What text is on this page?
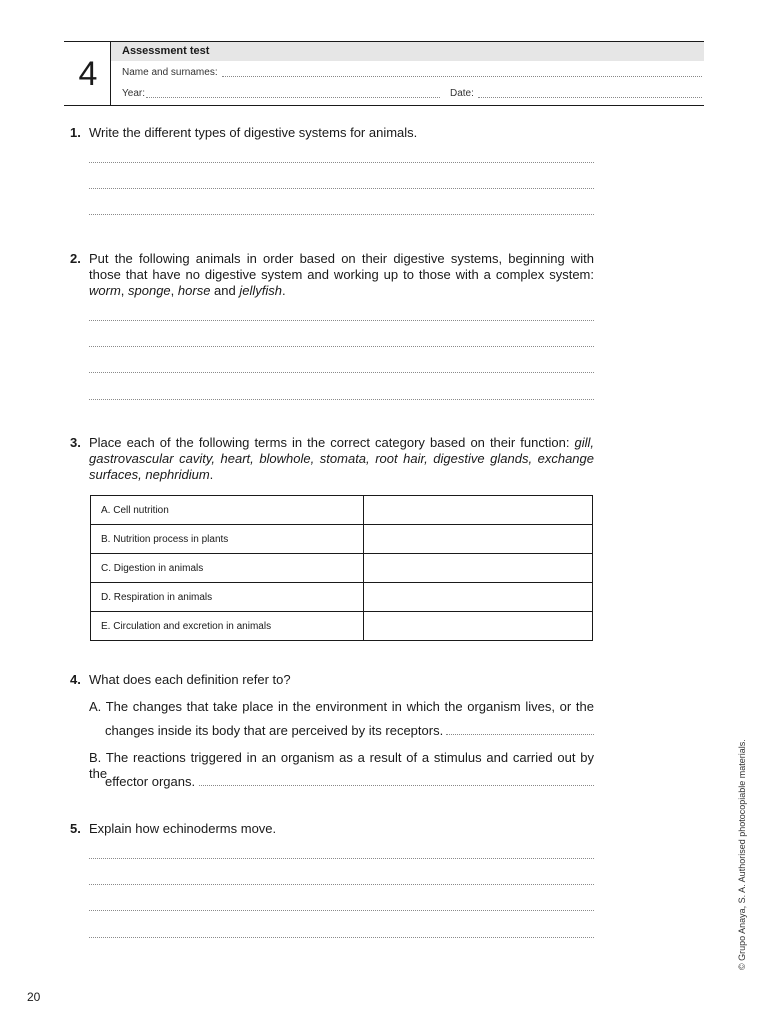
4
Assessment test
Name and surnames:
Year:	Date:
1. Write the different types of digestive systems for animals.
2. Put the following animals in order based on their digestive systems, beginning with those that have no digestive system and working up to those with a complex system: worm, sponge, horse and jellyfish.
3. Place each of the following terms in the correct category based on their function: gill, gastrovascular cavity, heart, blowhole, stomata, root hair, digestive glands, exchange surfaces, nephridium.
A. Cell nutrition	
B. Nutrition process in plants	
C. Digestion in animals	
D. Respiration in animals	
E. Circulation and excretion in animals	
4. What does each definition refer to?
A. The changes that take place in the environment in which the organism lives, or the
changes inside its body that are perceived by its receptors.
B. The reactions triggered in an organism as a result of a stimulus and carried out by the
effector organs.
5. Explain how echinoderms move.	© Grupo Anaya, S. A. Authorised photocopiable materials.
20
